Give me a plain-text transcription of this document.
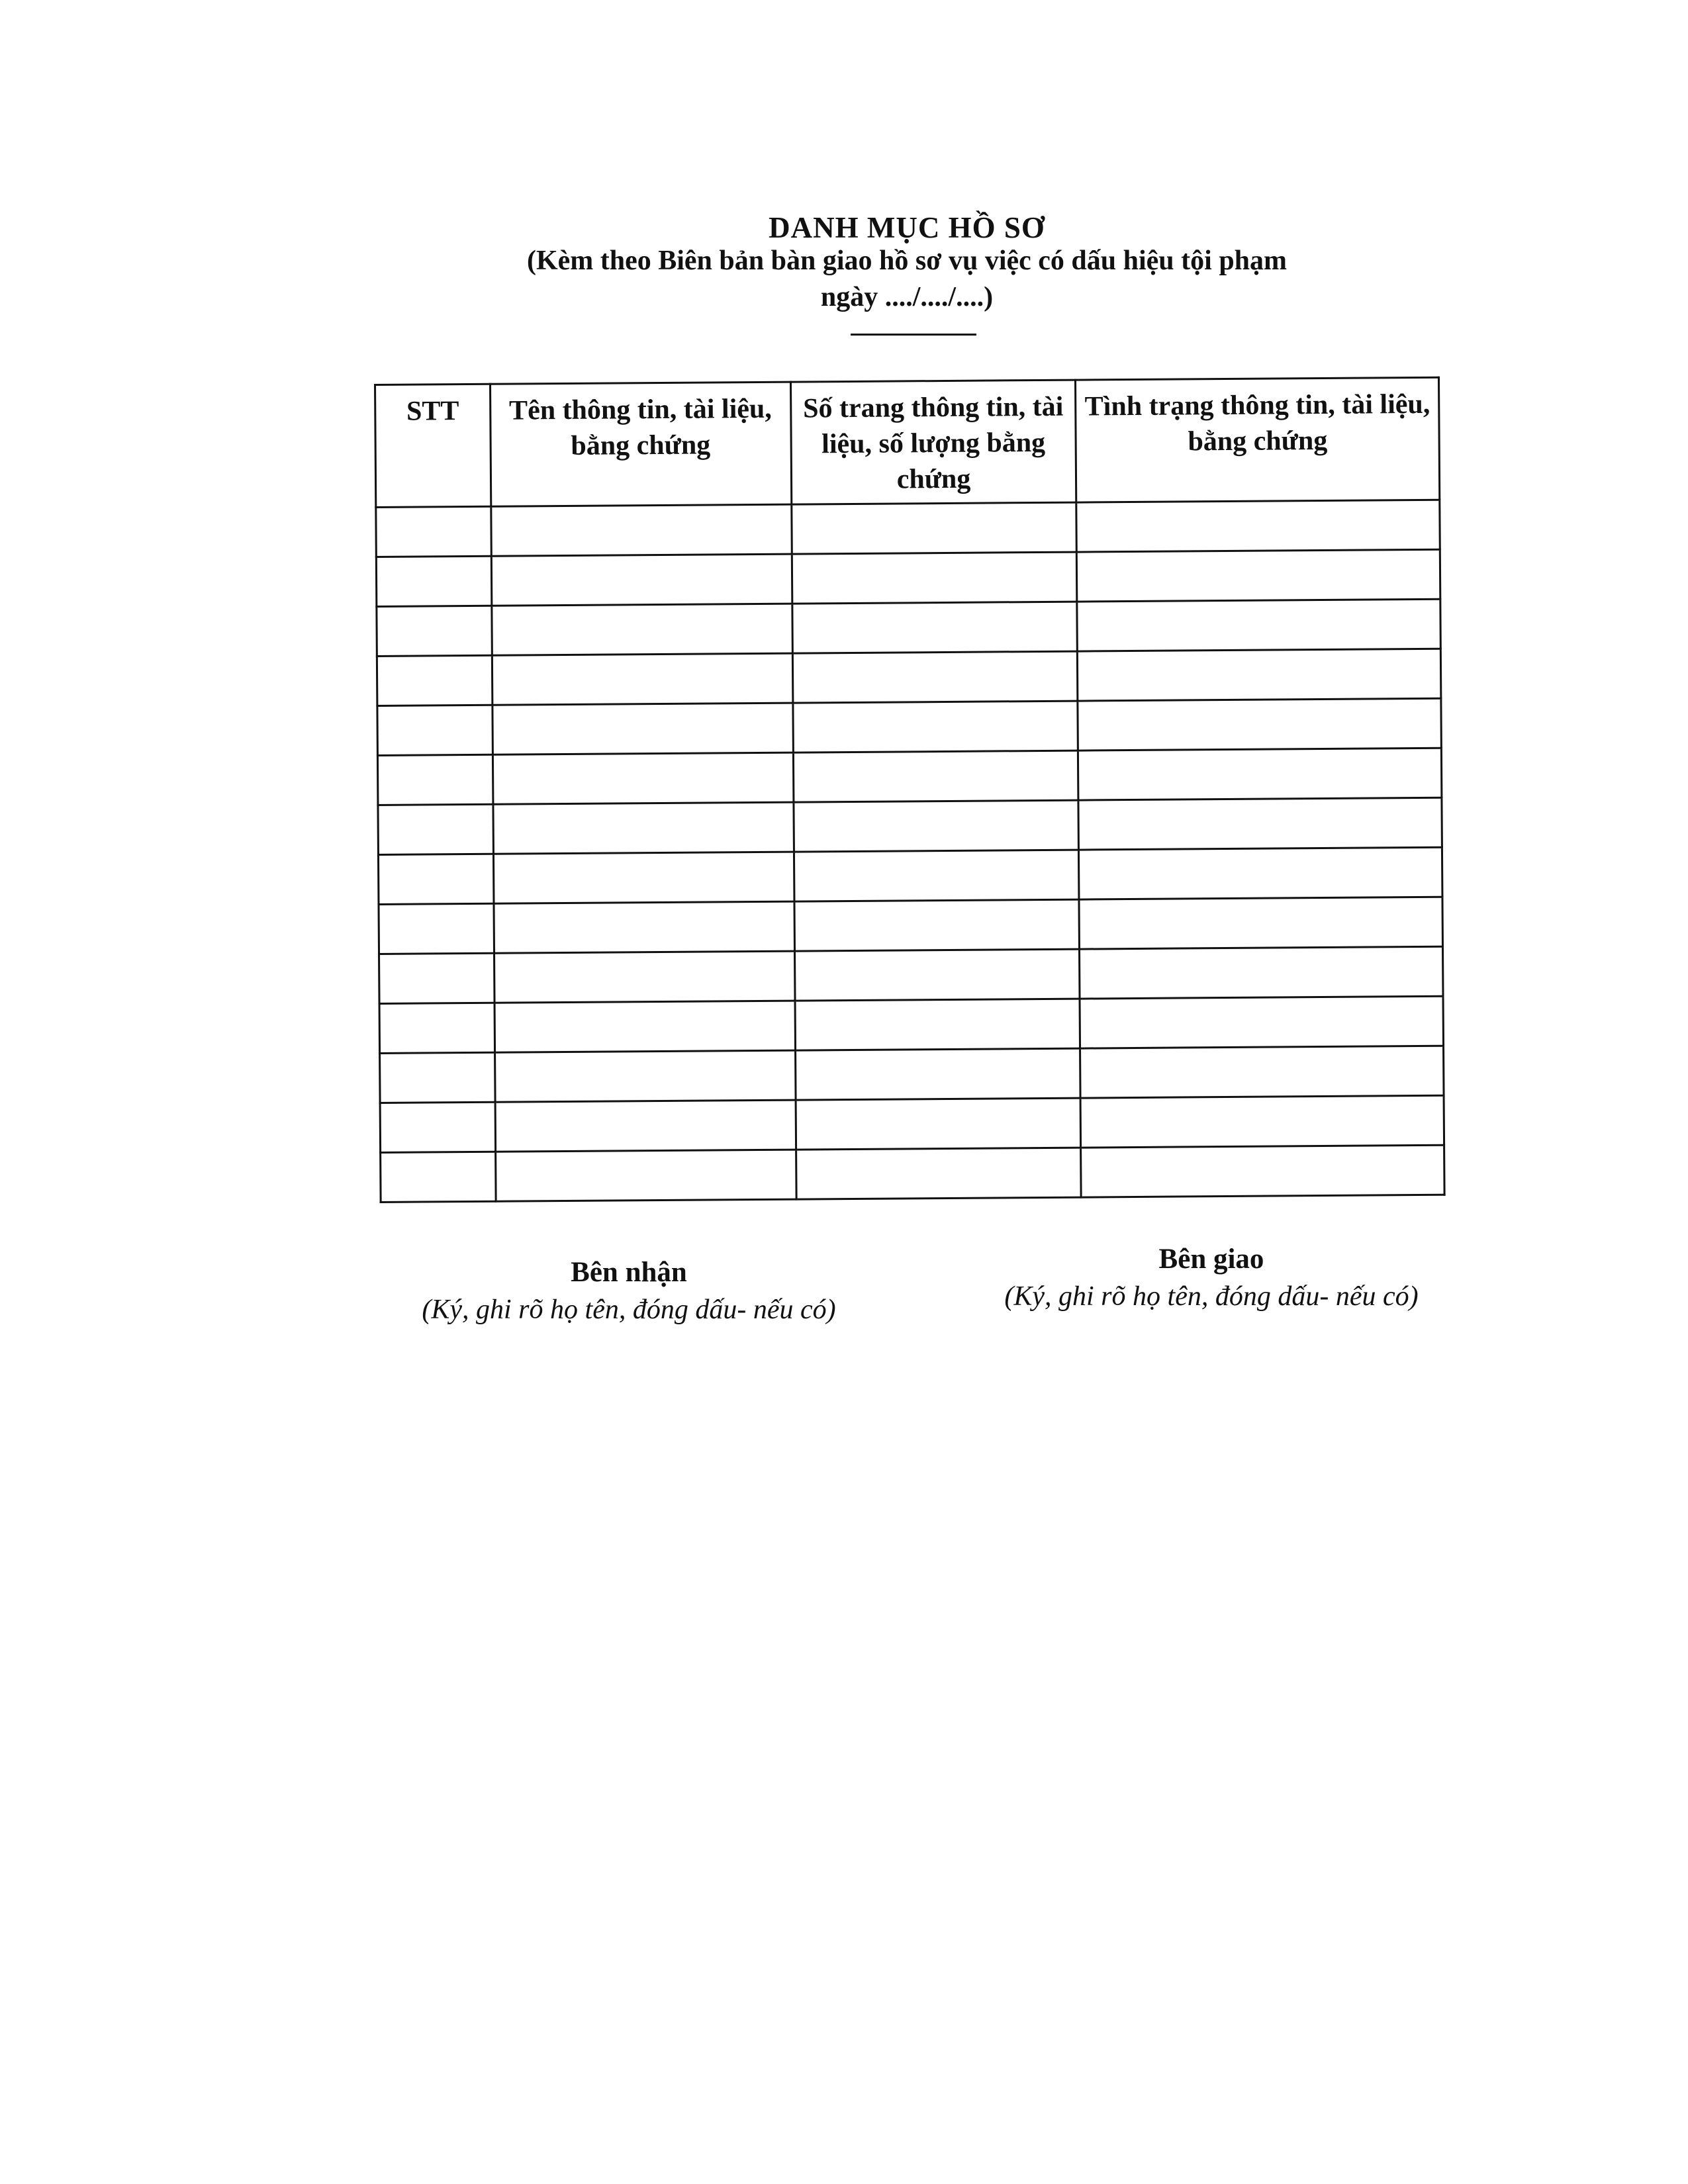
DANH MỤC HỒ SƠ
(Kèm theo Biên bản bàn giao hồ sơ vụ việc có dấu hiệu tội phạm
ngày ..../..../....)
STT	Tên thông tin, tài liệu, bằng chứng	Số trang thông tin, tài liệu, số lượng bằng chứng	Tình trạng thông tin, tài liệu, bằng chứng

Bên nhận
(Ký, ghi rõ họ tên, đóng dấu- nếu có)
Bên giao
(Ký, ghi rõ họ tên, đóng dấu- nếu có)
